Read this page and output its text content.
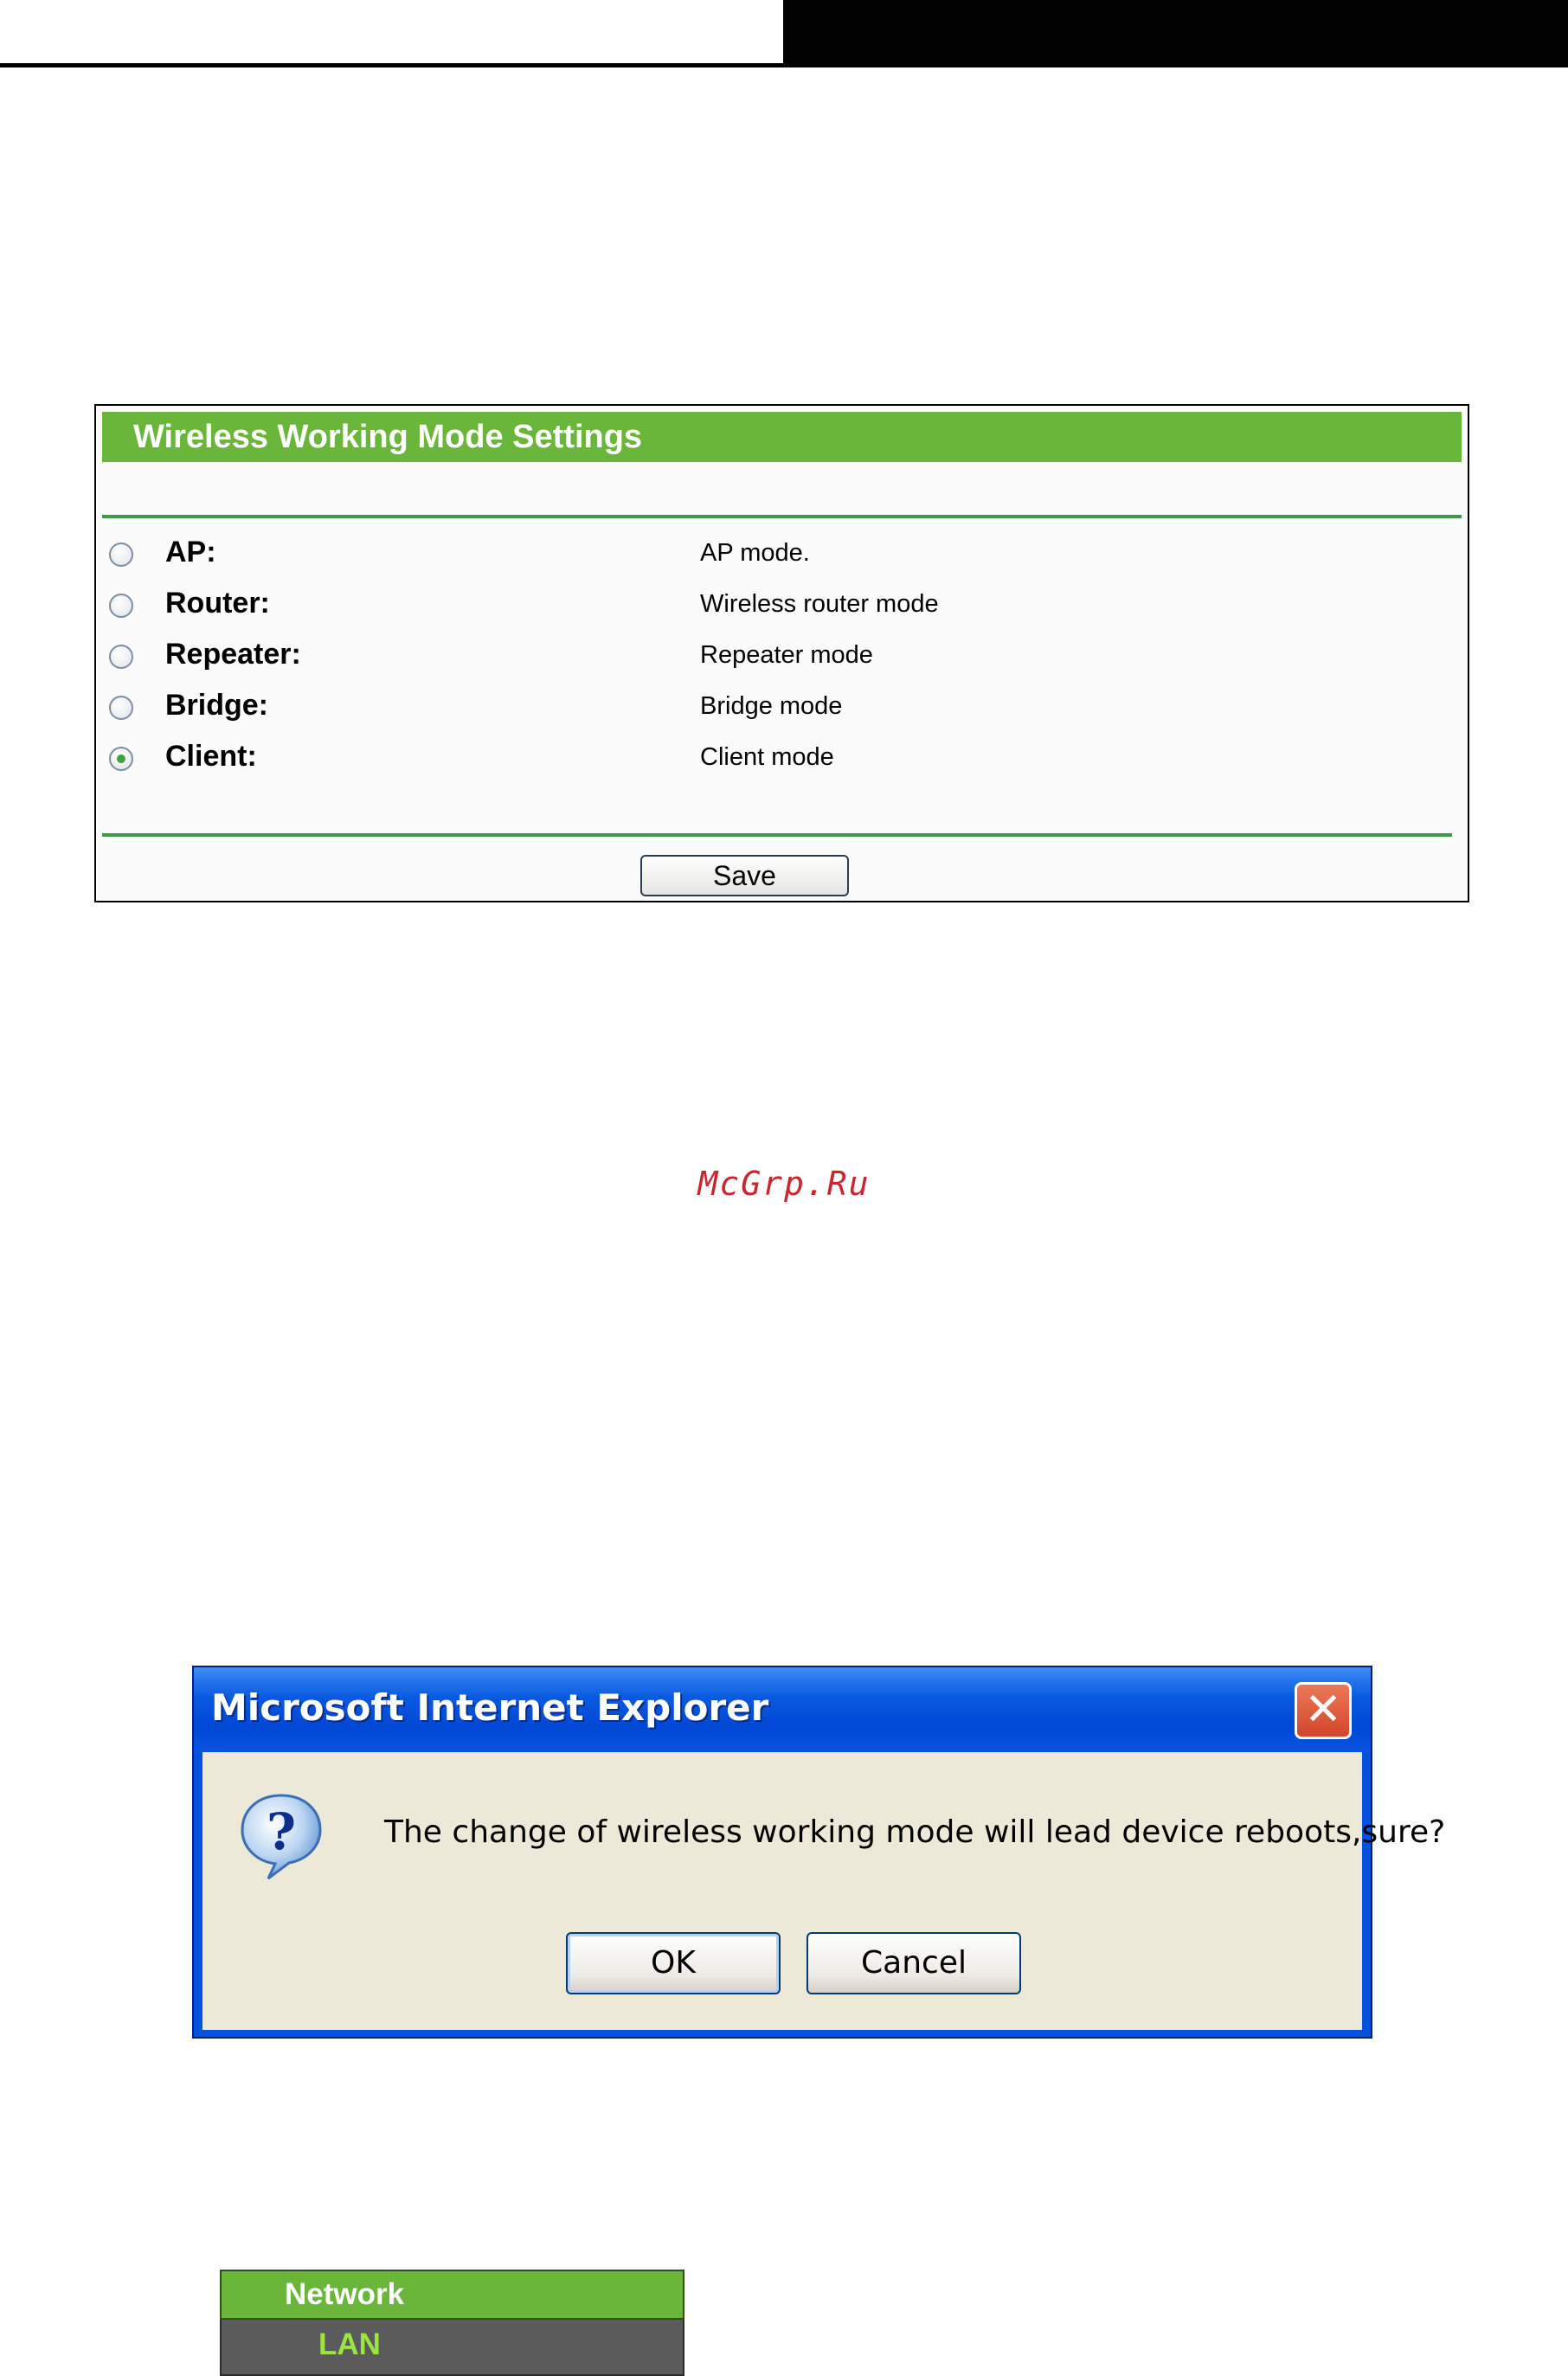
Wireless Working Mode Settings
AP:	AP mode.
Router:	Wireless router mode
Repeater:	Repeater mode
Bridge:	Bridge mode
Client:	Client mode
Save
McGrp.Ru
Microsoft Internet Explorer	✕
?	The change of wireless working mode will lead device reboots,sure?
OK	Cancel
Network
LAN
